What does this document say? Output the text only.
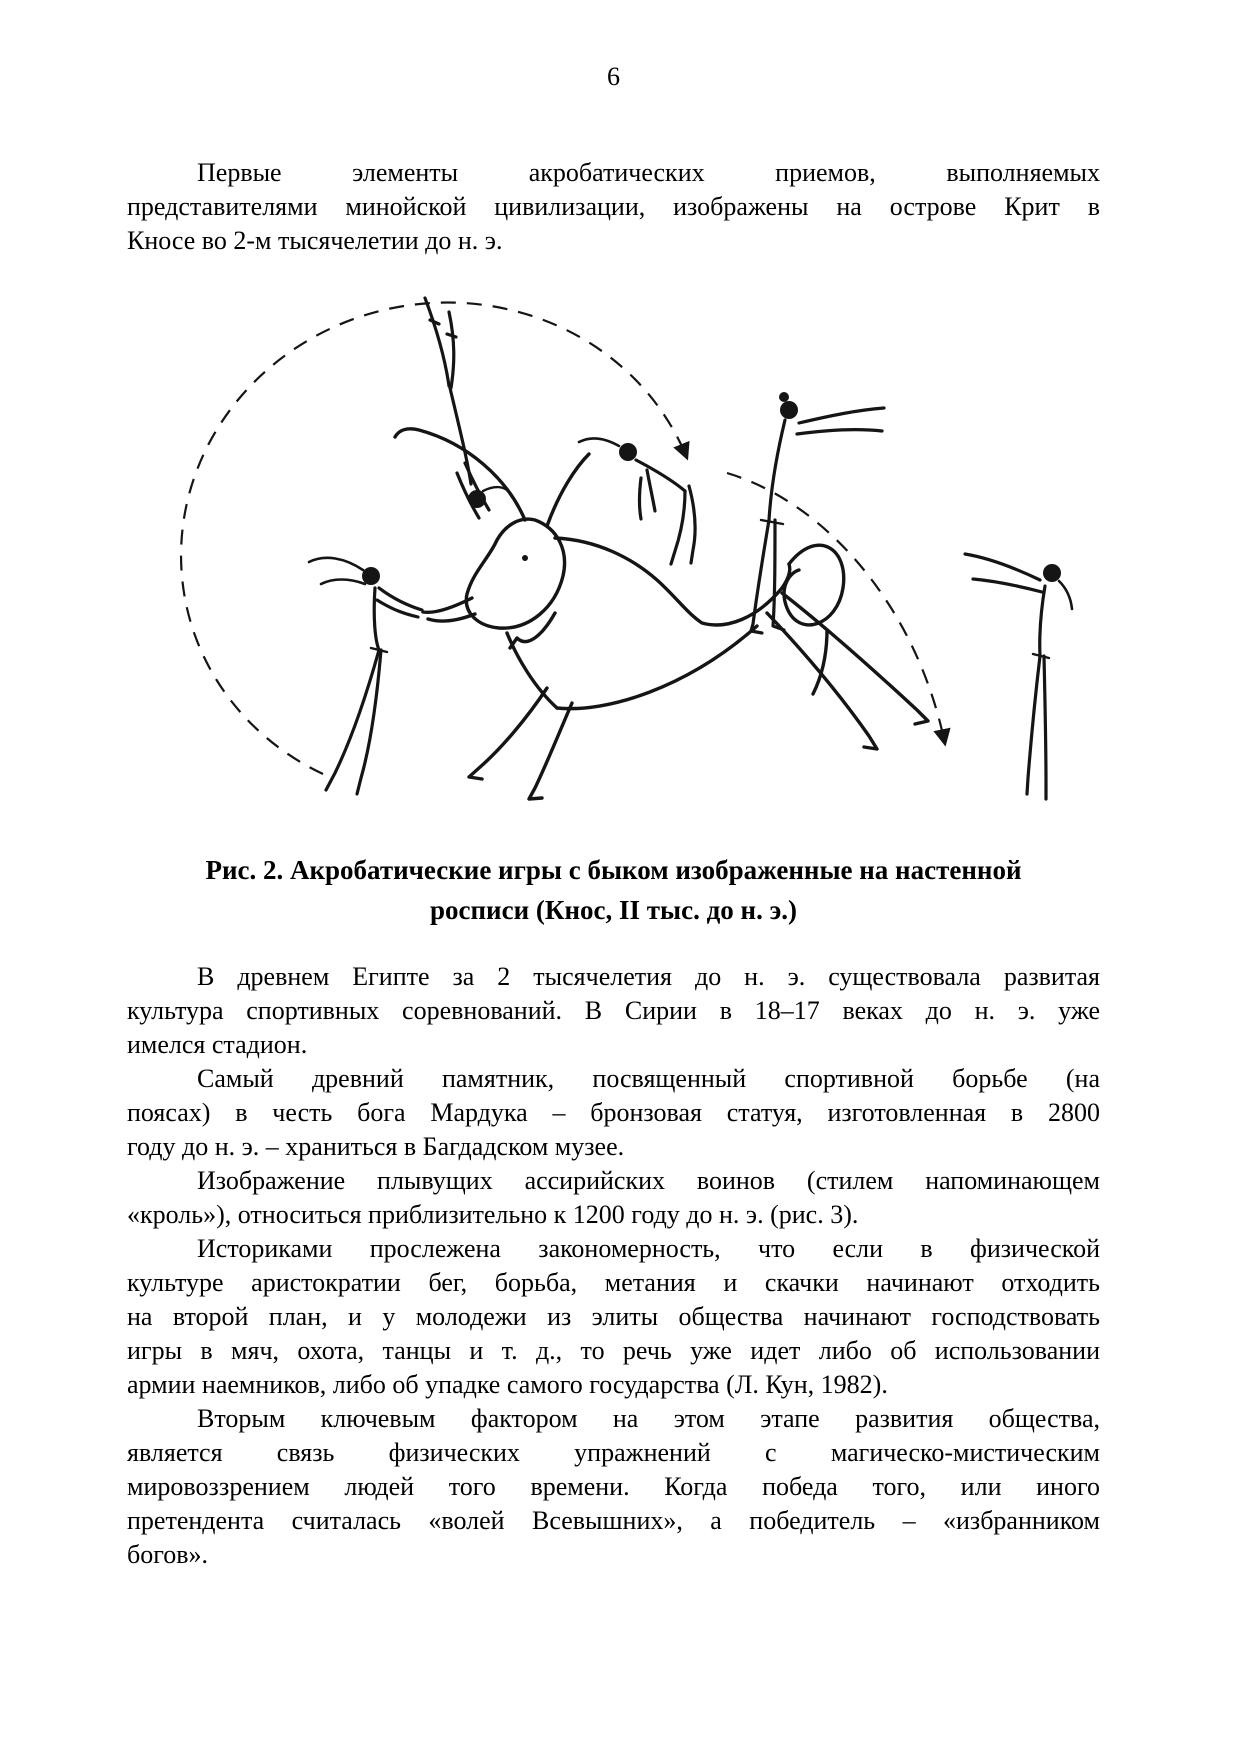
6
Первые элементы акробатических приемов, выполняемых
представителями минойской цивилизации, изображены на острове Крит в
Кносе во 2-м тысячелетии до н. э.
Рис. 2. Акробатические игры с быком изображенные на настенной
росписи (Кнос, II тыс. до н. э.)
В древнем Египте за 2 тысячелетия до н. э. существовала развитая
культура спортивных соревнований. В Сирии в 18–17 веках до н. э. уже
имелся стадион.
Самый древний памятник, посвященный спортивной борьбе (на
поясах) в честь бога Мардука – бронзовая статуя, изготовленная в 2800
году до н. э. – храниться в Багдадском музее.
Изображение плывущих ассирийских воинов (стилем напоминающем
«кроль»), относиться приблизительно к 1200 году до н. э. (рис. 3).
Историками прослежена закономерность, что если в физической
культуре аристократии бег, борьба, метания и скачки начинают отходить
на второй план, и у молодежи из элиты общества начинают господствовать
игры в мяч, охота, танцы и т. д., то речь уже идет либо об использовании
армии наемников, либо об упадке самого государства (Л. Кун, 1982).
Вторым ключевым фактором на этом этапе развития общества,
является связь физических упражнений с магическо-мистическим
мировоззрением людей того времени. Когда победа того, или иного
претендента считалась «волей Всевышних», а победитель – «избранником
богов».
